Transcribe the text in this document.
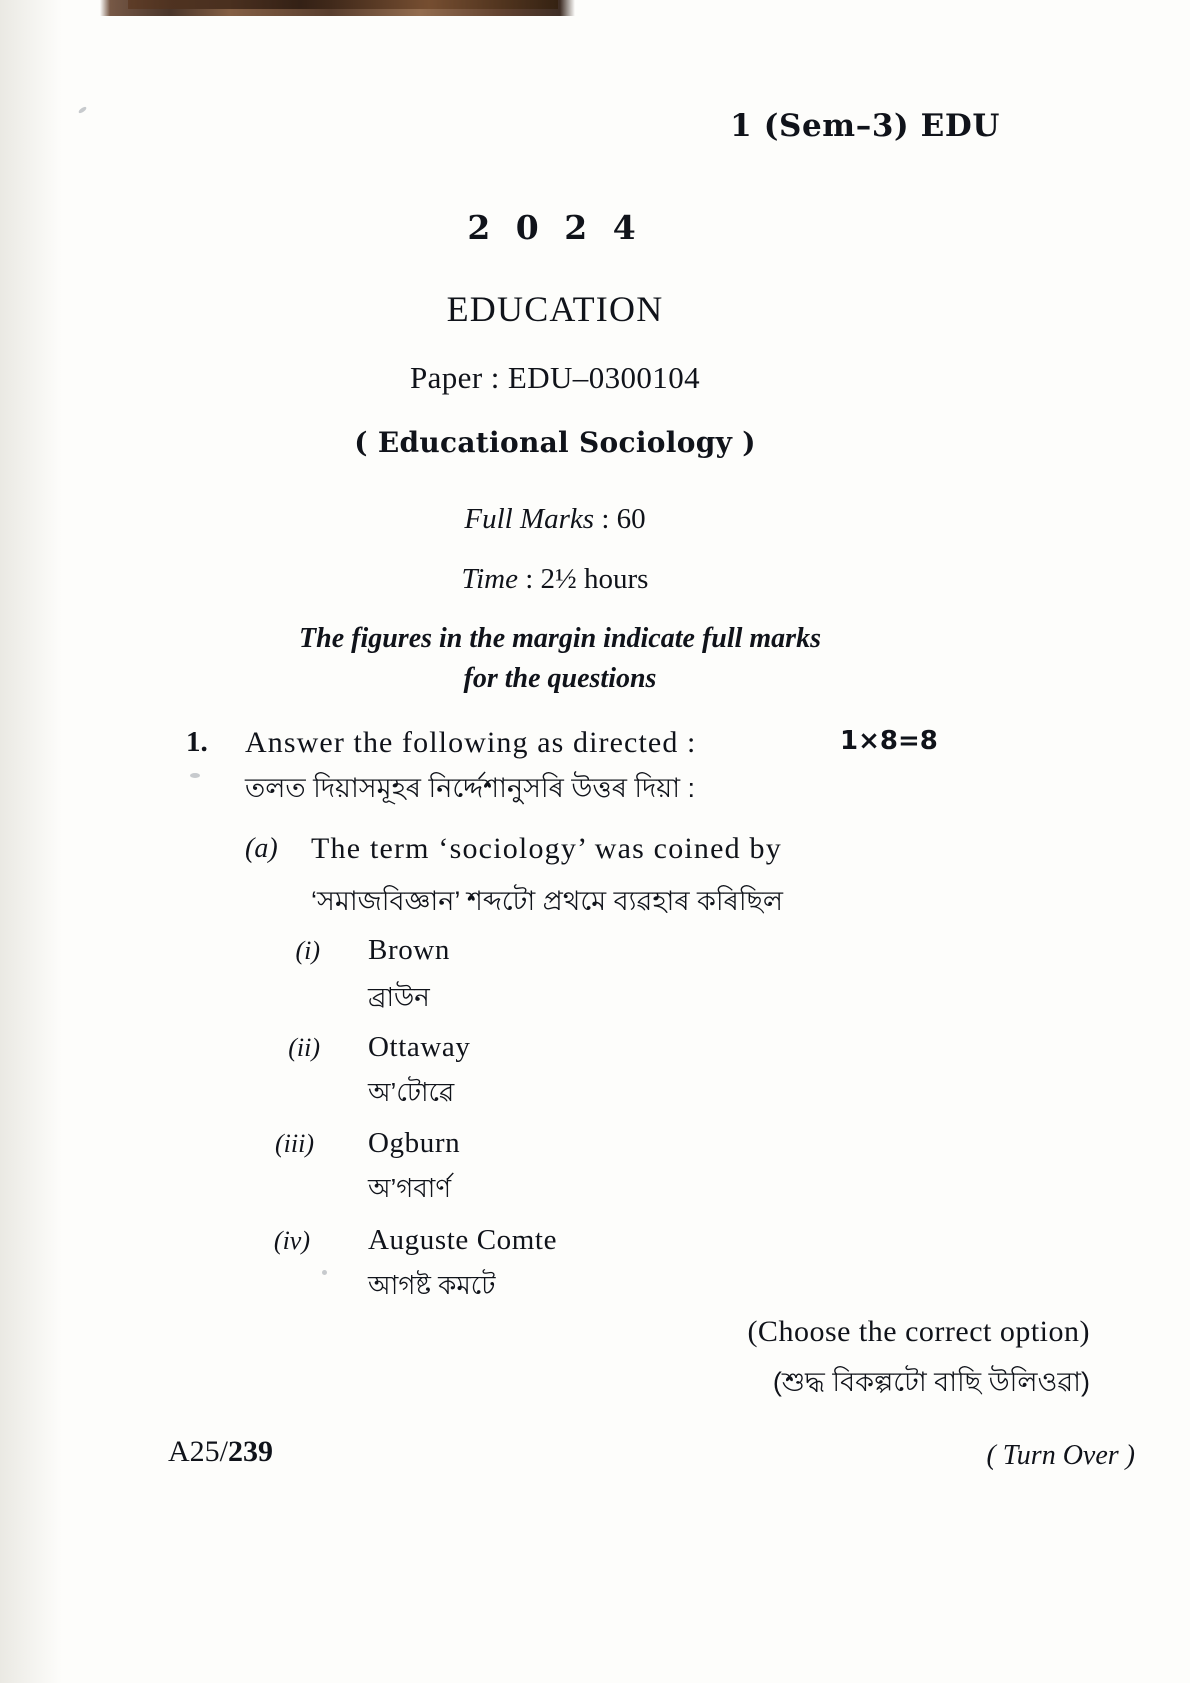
1 (Sem–3) EDU
2 0 2 4
EDUCATION
Paper : EDU–0300104
( Educational Sociology )
Full Marks : 60
Time : 2½ hours
The figures in the margin indicate full marks
for the questions
1. Answer the following as directed :	1×8=8
তলত দিয়াসমূহৰ নিৰ্দ্দেশানুসৰি উত্তৰ দিয়া :
(a) The term ‘sociology’ was coined by
‘সমাজবিজ্ঞান’ শব্দটো প্ৰথমে ব্যৱহাৰ কৰিছিল
(i) Brown
ব্ৰাউন
(ii) Ottaway
অ’টোৱে
(iii) Ogburn
অ’গবাৰ্ণ
(iv) Auguste Comte
আগষ্ট কমটে
(Choose the correct option)
(শুদ্ধ বিকল্পটো বাছি উলিওৱা)
A25/239	( Turn Over )
